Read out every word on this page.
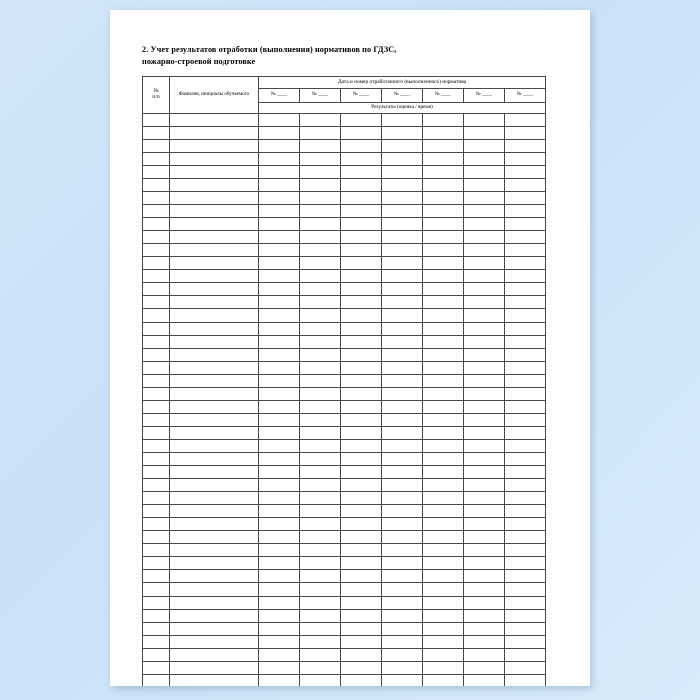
2. Учет результатов отработки (выполнения) нормативов по ГДЗС,
пожарно-строевой подготовке
№
п/п	Фамилия, инициалы обучаемого	Дата и номер отработанного (выполненного) норматива						
		№ ____	№ ____	№ ____	№ ____	№ ____	№ ____	№ ____
		Результаты (оценка / время)						
